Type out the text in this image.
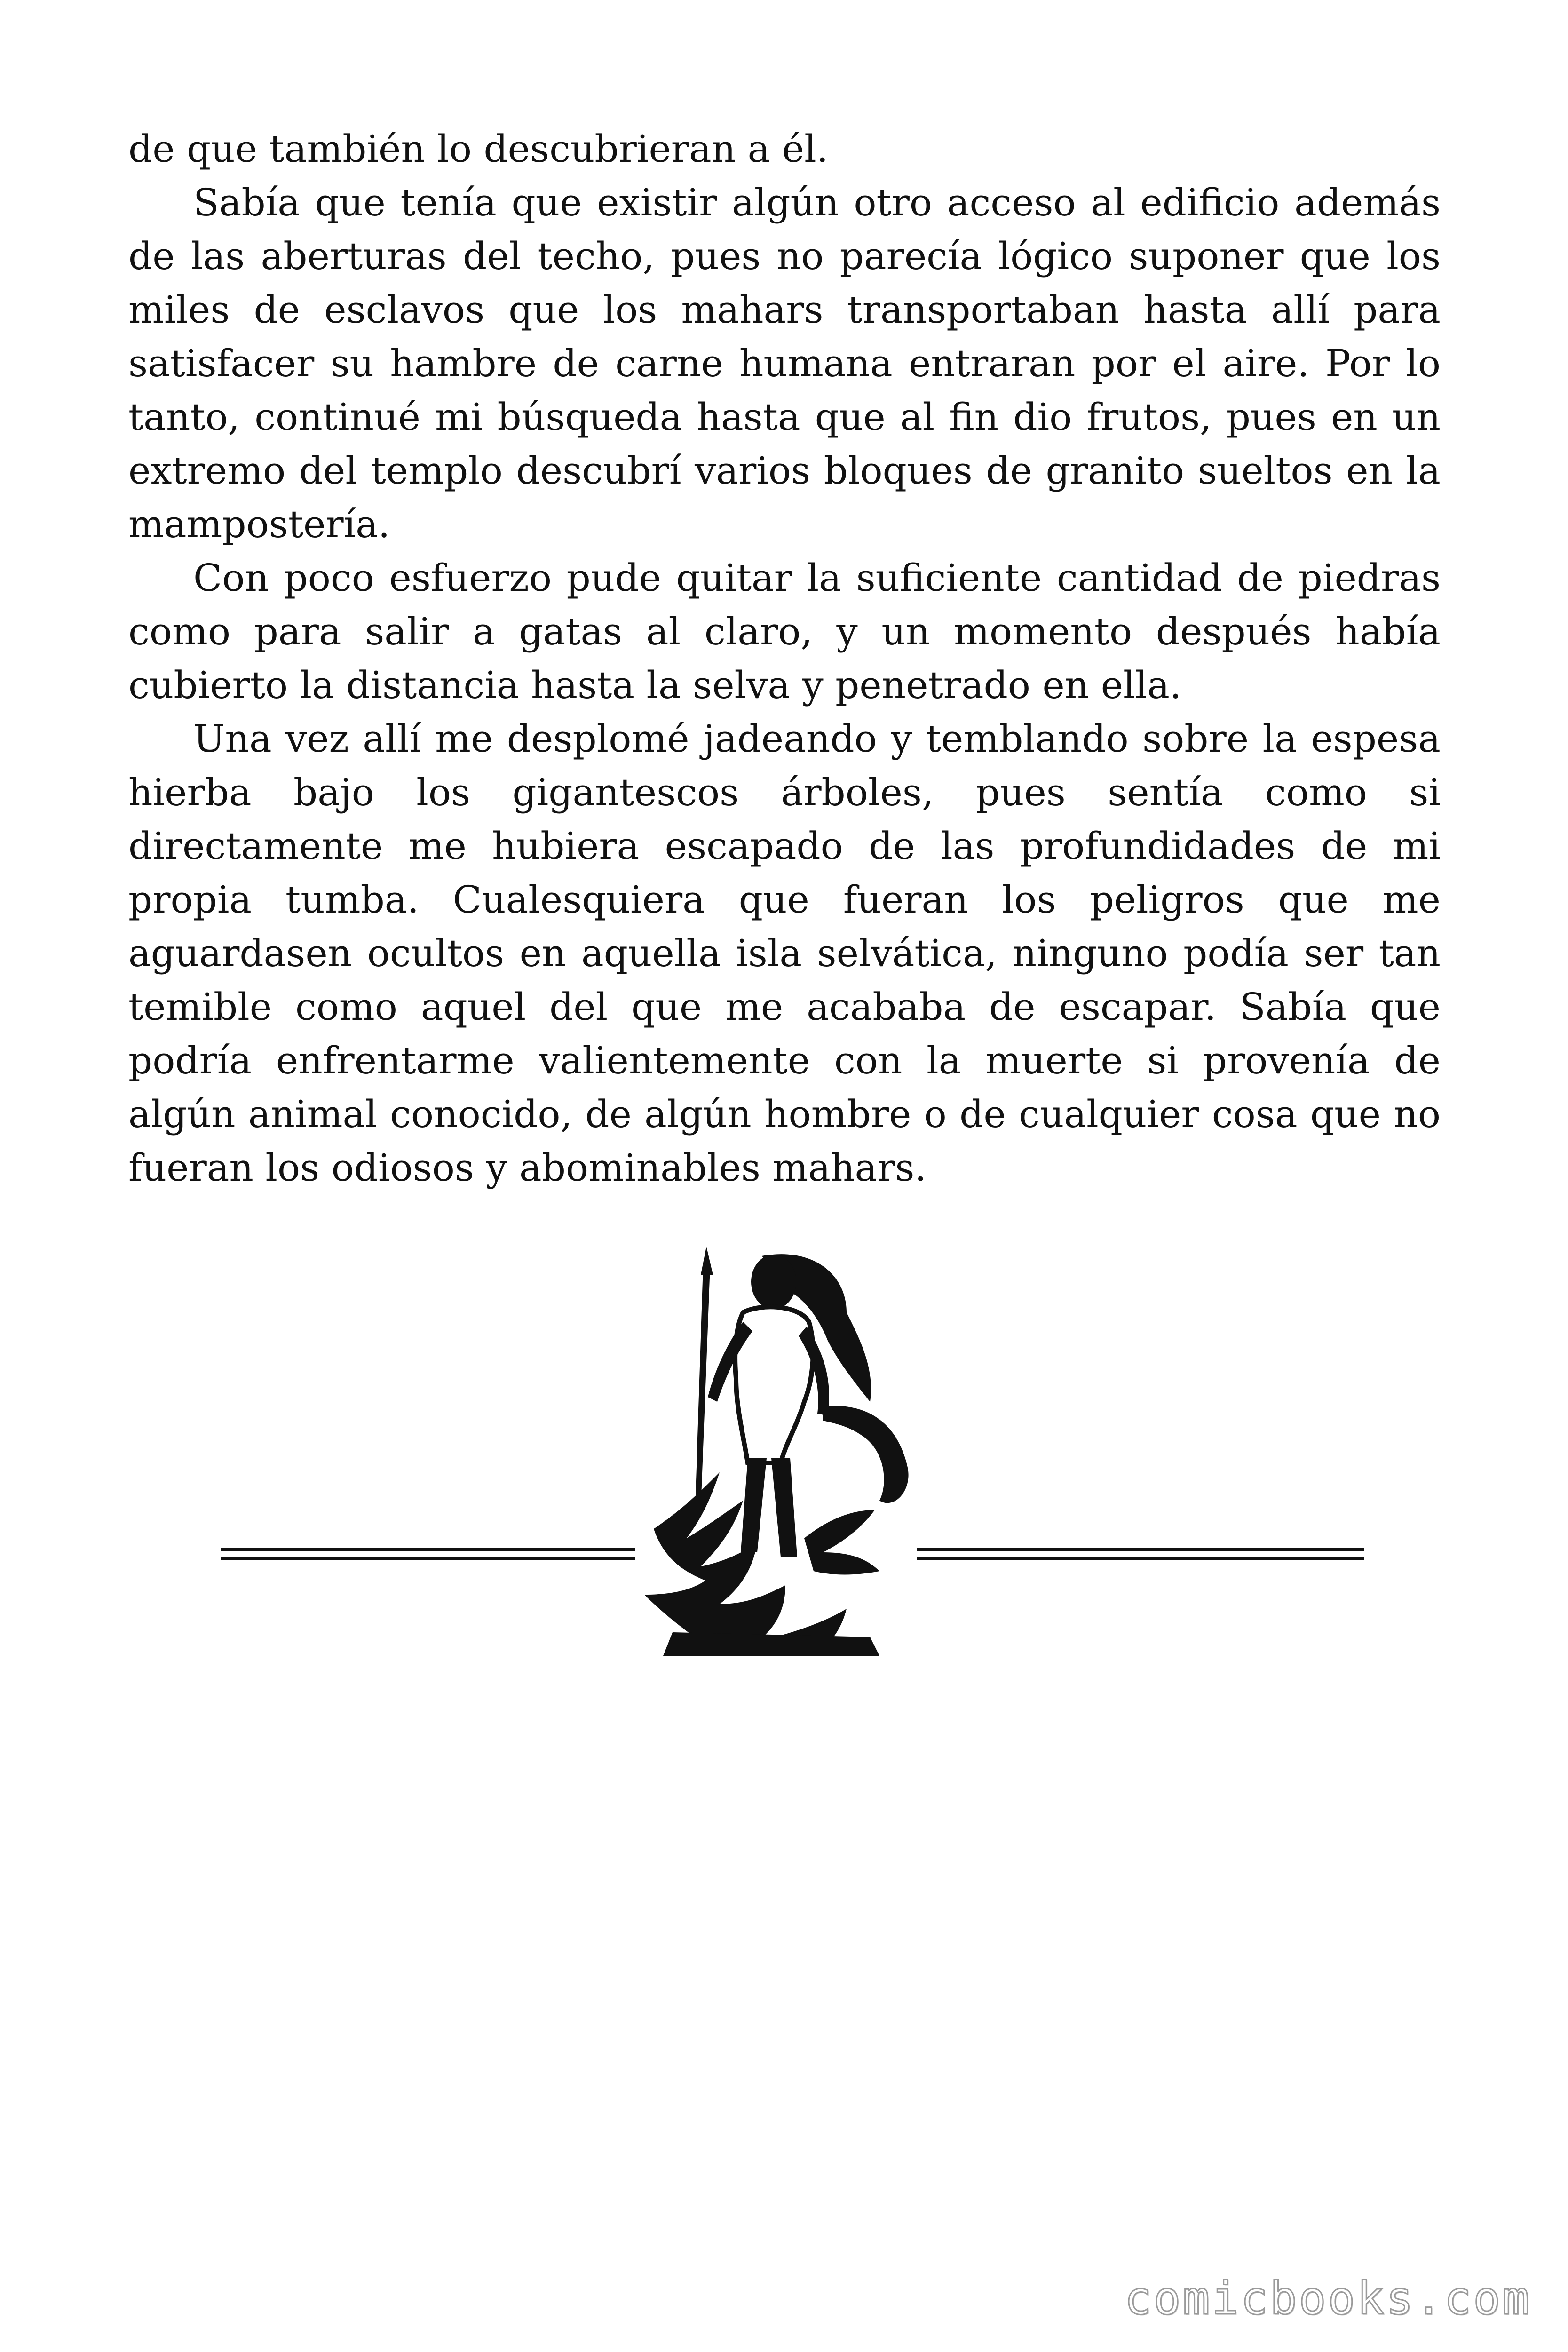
de que también lo descubrieran a él.

Sabía que tenía que existir algún otro acceso al edificio además de las aberturas del techo, pues no parecía lógico suponer que los miles de esclavos que los mahars transportaban hasta allí para satisfacer su hambre de carne humana entraran por el aire. Por lo tanto, continué mi búsqueda hasta que al fin dio frutos, pues en un extremo del templo descubrí varios bloques de granito sueltos en la mampostería.

Con poco esfuerzo pude quitar la suficiente cantidad de piedras como para salir a gatas al claro, y un momento después había cubierto la distancia hasta la selva y penetrado en ella.

Una vez allí me desplomé jadeando y temblando sobre la espesa hierba bajo los gigantescos árboles, pues sentía como si directamente me hubiera escapado de las profundidades de mi propia tumba. Cualesquiera que fueran los peligros que me aguardasen ocultos en aquella isla selvática, ninguno podía ser tan temible como aquel del que me acababa de escapar. Sabía que podría enfrentarme valientemente con la muerte si provenía de algún animal conocido, de algún hombre o de cualquier cosa que no fueran los odiosos y abominables mahars.

comicbooks.com
